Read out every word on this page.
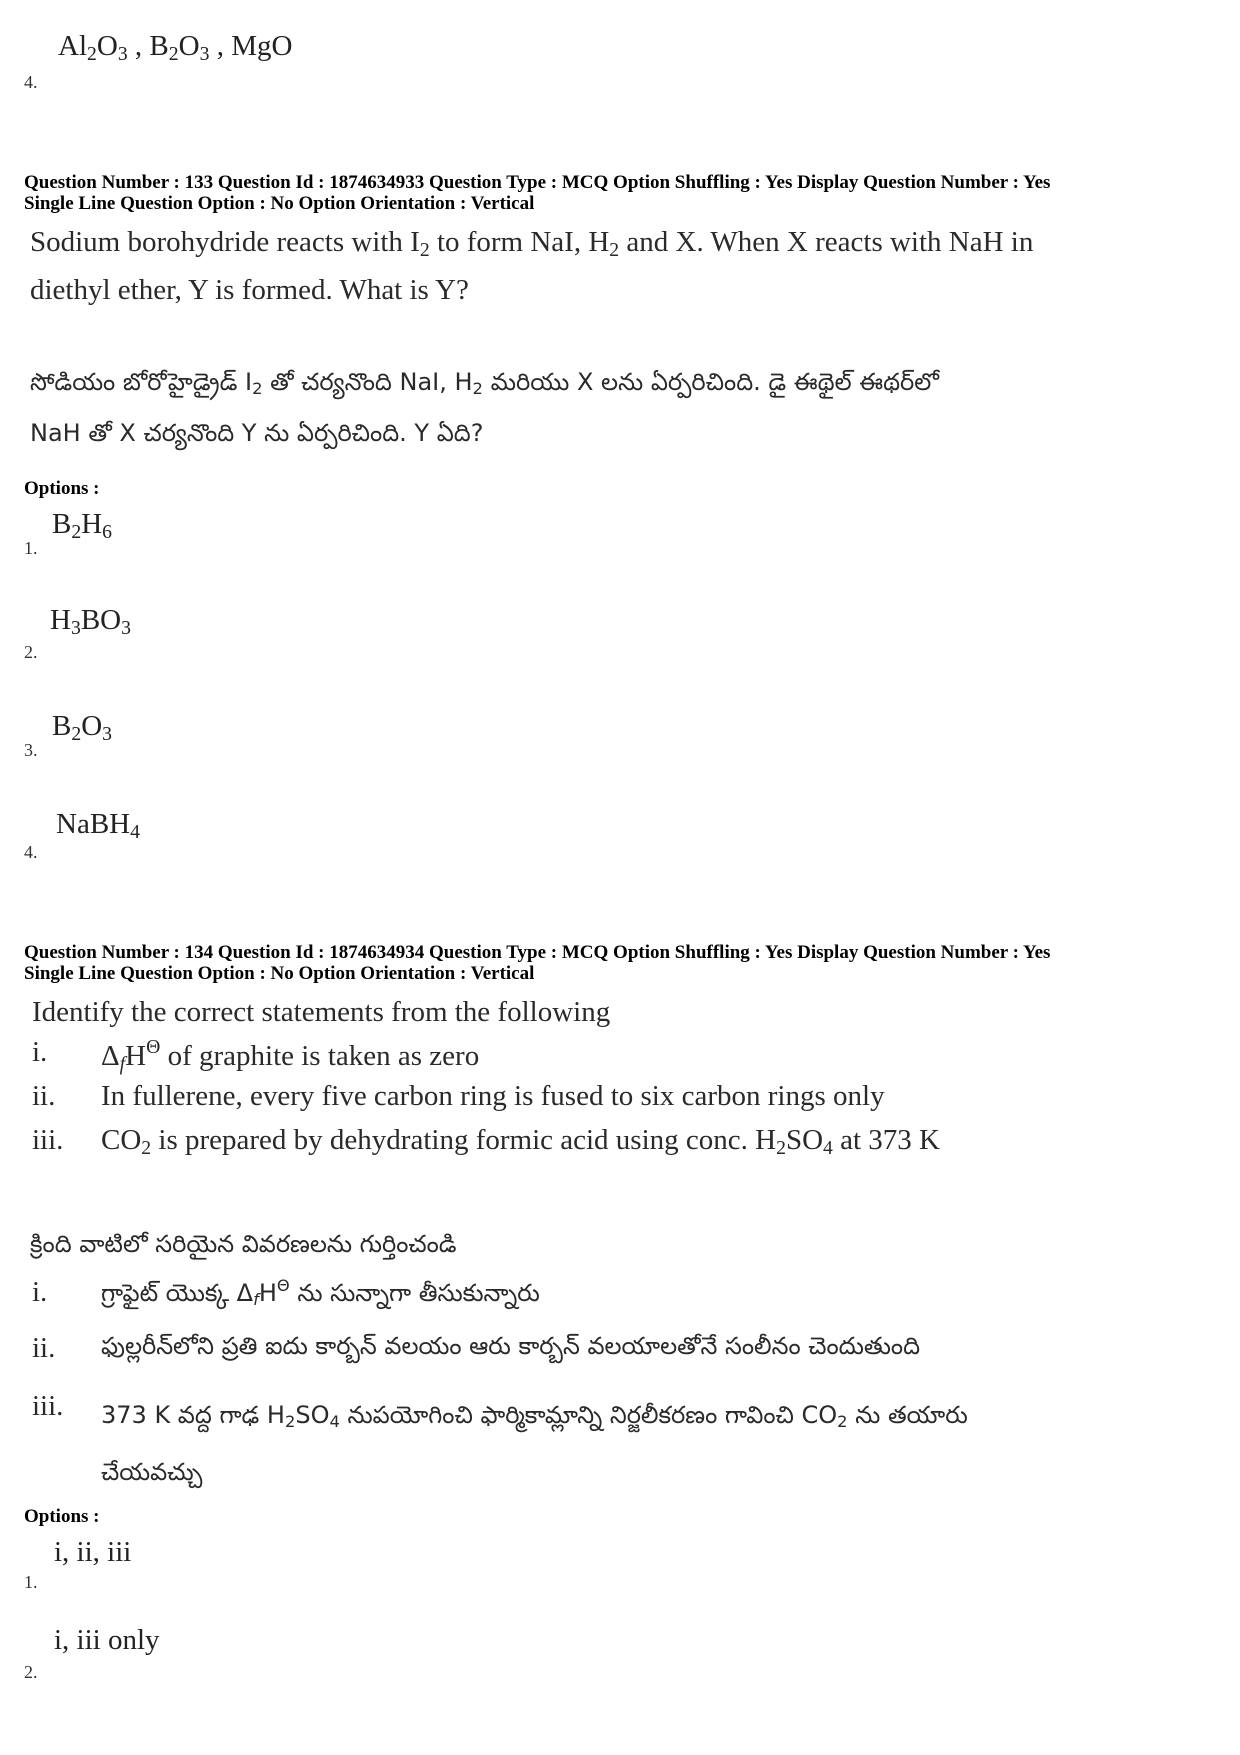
$Al_2O_3$ , $B_2O_3$ , MgO
4.
Question Number : 133 Question Id : 1874634933 Question Type : MCQ Option Shuffling : Yes Display Question Number : Yes
Single Line Question Option : No Option Orientation : Vertical
Sodium borohydride reacts with $I_2$ to form NaI, $H_2$ and X. When X reacts with NaH in
diethyl ether, Y is formed. What is Y?
సోడియం బోరోహైడ్రైడ్ $I_2$ తో చర్యనొంది NaI, $H_2$ మరియు X లను ఏర్పరిచింది. డై ఈథైల్ ఈథర్‌లో
NaH తో X చర్యనొంది Y ను ఏర్పరిచింది. Y ఏది?
Options :
$B_2H_6$
1.
$H_3BO_3$
2.
$B_2O_3$
3.
NaBH$_4$
4.
Question Number : 134 Question Id : 1874634934 Question Type : MCQ Option Shuffling : Yes Display Question Number : Yes
Single Line Question Option : No Option Orientation : Vertical
Identify the correct statements from the following
i. $\Delta_fH^\Theta$ of graphite is taken as zero
ii. In fullerene, every five carbon ring is fused to six carbon rings only
iii. $CO_2$ is prepared by dehydrating formic acid using conc. $H_2SO_4$ at 373 K
క్రింది వాటిలో సరియైన వివరణలను గుర్తించండి
i. గ్రాఫైట్ యొక్క $\Delta_fH^\Theta$ ను సున్నాగా తీసుకున్నారు
ii. ఫుల్లరీన్‌లోని ప్రతి ఐదు కార్బన్ వలయం ఆరు కార్బన్ వలయాలతోనే సంలీనం చెందుతుంది
iii. 373 K వద్ద గాఢ $H_2SO_4$ నుపయోగించి ఫార్మికామ్లాన్ని నిర్జలీకరణం గావించి $CO_2$ ను తయారు
చేయవచ్చు
Options :
i, ii, iii
1.
i, iii only
2.
